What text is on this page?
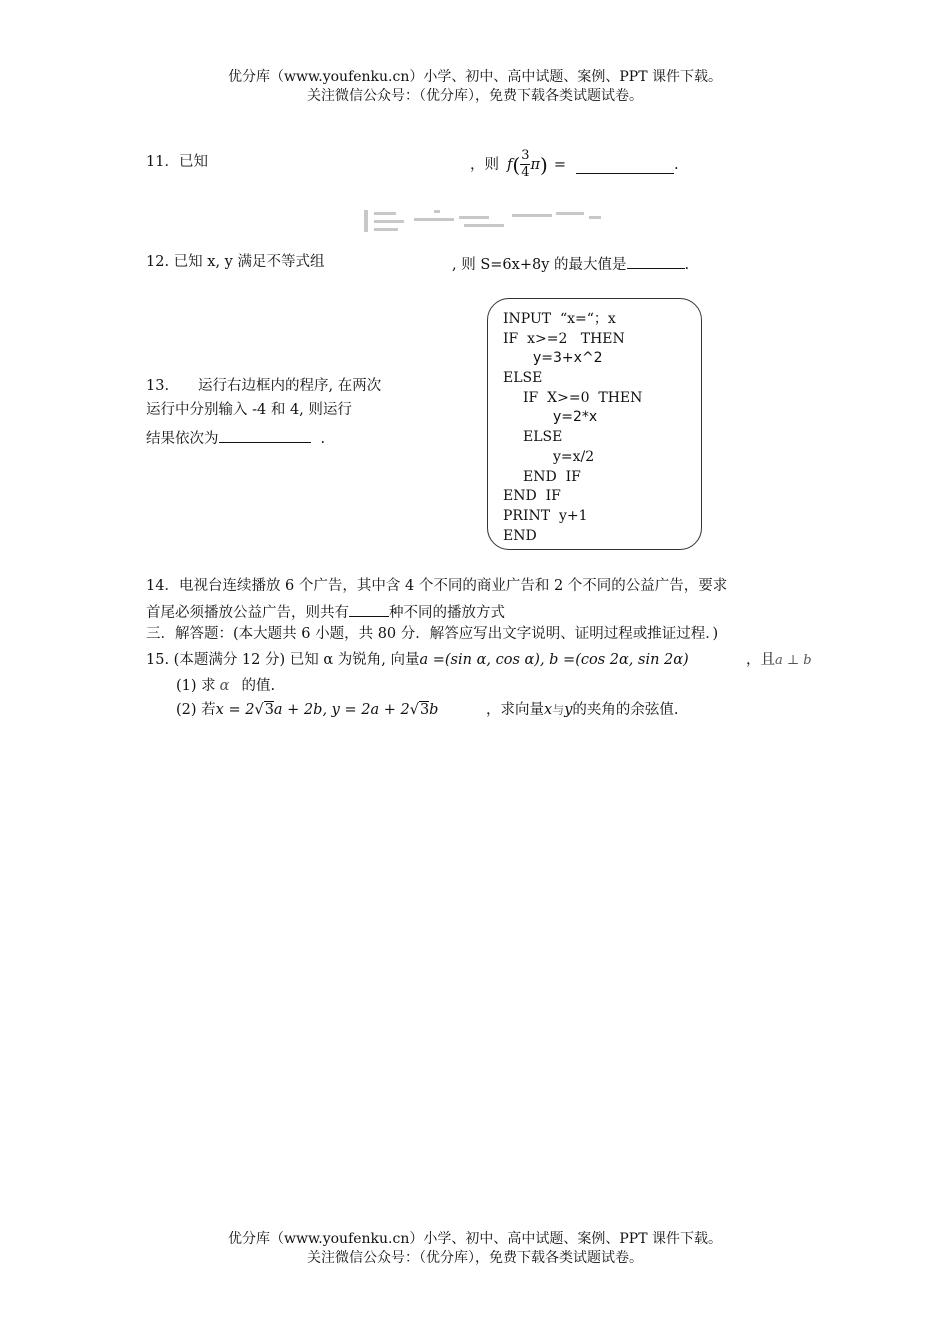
优分库（www.youfenku.cn）小学、初中、高中试题、案例、PPT 课件下载。
关注微信公众号：（优分库），免费下载各类试题试卷。
11．已知	，则 f ( $\frac{3}{4}$ π ) =	.
12. 已知 x, y 满足不等式组	, 则 S=6x+8y 的最大值是	.
13.　　运行右边框内的程序, 在两次
运行中分别输入 -4 和 4, 则运行
结果依次为	.
INPUT  “x=“；x
IF  x>=2   THEN
y=3+x^2
ELSE
IF  X>=0  THEN
y=2*x
ELSE
y=x/2
END  IF
END  IF
PRINT  y+1
END
14．电视台连续播放 6 个广告，其中含 4 个不同的商业广告和 2 个不同的公益广告，要求
首尾必须播放公益广告，则共有	种不同的播放方式
三．解答题：(本大题共 6 小题，共 80 分．解答应写出文字说明、证明过程或推证过程．)
15. (本题满分 12 分) 已知 α 为锐角, 向量a =(sin α, cos α), b =(cos 2α, sin 2α)	，且a ⊥ b
(1) 求 α 的值.
(2) 若x = 2√3a + 2b, y = 2a + 2√3b	，求向量x与y的夹角的余弦值.
优分库（www.youfenku.cn）小学、初中、高中试题、案例、PPT 课件下载。
关注微信公众号：（优分库），免费下载各类试题试卷。
